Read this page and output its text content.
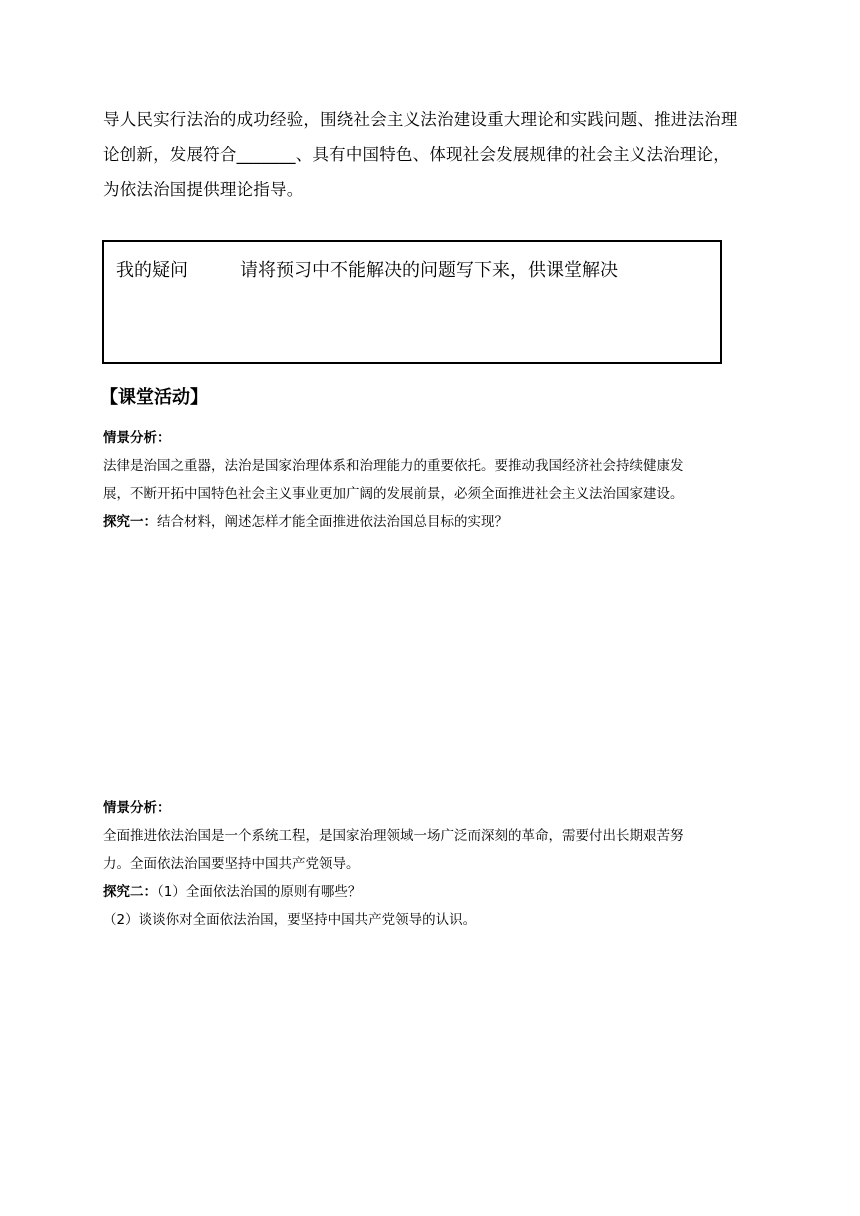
导人民实行法治的成功经验，围绕社会主义法治建设重大理论和实践问题、推进法治理

论创新，发展符合_______、具有中国特色、体现社会发展规律的社会主义法治理论，

为依法治国提供理论指导。

我的疑问	请将预习中不能解决的问题写下来，供课堂解决
【课堂活动】

情景分析：

法律是治国之重器，法治是国家治理体系和治理能力的重要依托。要推动我国经济社会持续健康发

展，不断开拓中国特色社会主义事业更加广阔的发展前景，必须全面推进社会主义法治国家建设。

探究一：结合材料，阐述怎样才能全面推进依法治国总目标的实现？

情景分析：

全面推进依法治国是一个系统工程，是国家治理领域一场广泛而深刻的革命，需要付出长期艰苦努

力。全面依法治国要坚持中国共产党领导。

探究二：（1）全面依法治国的原则有哪些？

（2）谈谈你对全面依法治国，要坚持中国共产党领导的认识。
